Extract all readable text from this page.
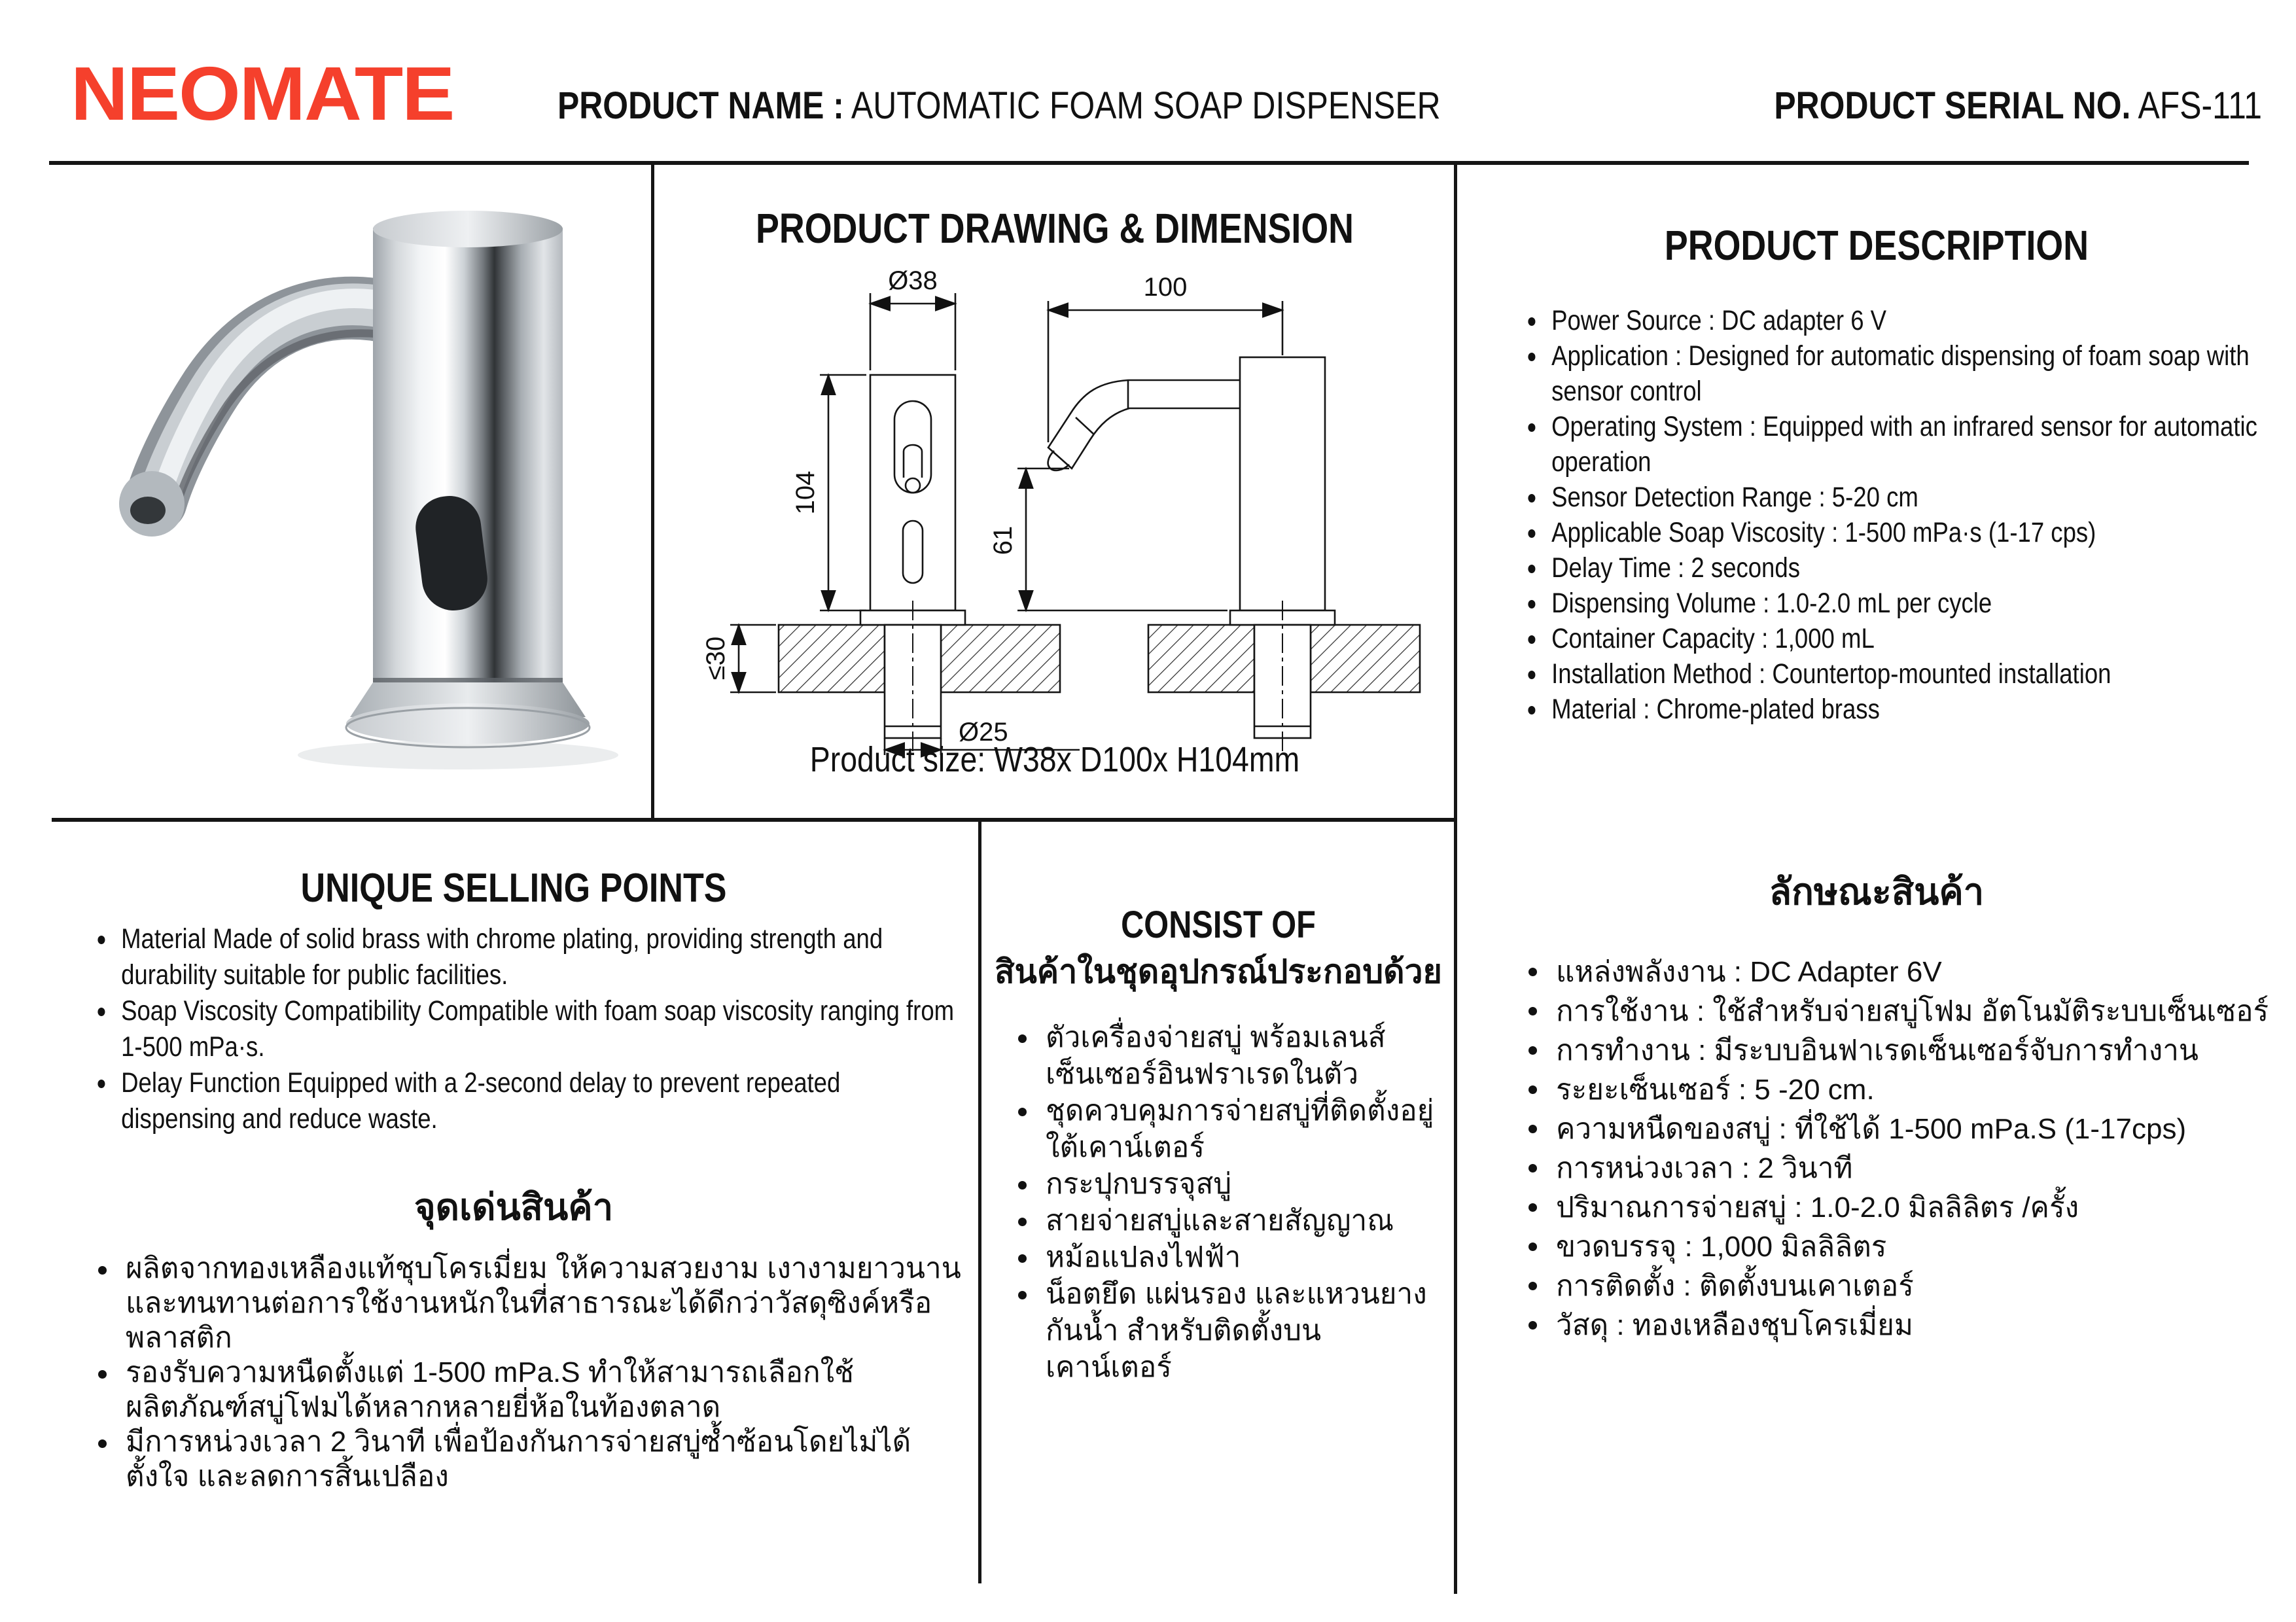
NEOMATE	PRODUCT NAME : AUTOMATIC FOAM SOAP DISPENSER	PRODUCT SERIAL NO. AFS-111
PRODUCT DRAWING & DIMENSION
Ø38
104
≤30
Ø25
100
61
Product size: W38x D100x H104mm
PRODUCT DESCRIPTION
Power Source : DC adapter 6 V
Application : Designed for automatic dispensing of foam soap with sensor control
Operating System : Equipped with an infrared sensor for automatic operation
Sensor Detection Range : 5-20 cm
Applicable Soap Viscosity : 1-500 mPa·s (1-17 cps)
Delay Time : 2 seconds
Dispensing Volume : 1.0-2.0 mL per cycle
Container Capacity : 1,000 mL
Installation Method : Countertop-mounted installation
Material : Chrome-plated brass
UNIQUE SELLING POINTS
Material Made of solid brass with chrome plating, providing strength and durability suitable for public facilities.
Soap Viscosity Compatibility Compatible with foam soap viscosity ranging from 1-500 mPa·s.
Delay Function Equipped with a 2-second delay to prevent repeated dispensing and reduce waste.
จุดเด่นสินค้า
ผลิตจากทองเหลืองแท้ชุบโครเมี่ยม ให้ความสวยงาม เงางามยาวนาน และทนทานต่อการใช้งานหนักในที่สาธารณะได้ดีกว่าวัสดุซิงค์หรือพลาสติก
รองรับความหนืดตั้งแต่ 1-500 mPa.S ทำให้สามารถเลือกใช้ผลิตภัณฑ์สบู่โฟมได้หลากหลายยี่ห้อในท้องตลาด
มีการหน่วงเวลา 2 วินาที เพื่อป้องกันการจ่ายสบู่ซ้ำซ้อนโดยไม่ได้ตั้งใจ และลดการสิ้นเปลือง
CONSIST OF
สินค้าในชุดอุปกรณ์ประกอบด้วย
ตัวเครื่องจ่ายสบู่ พร้อมเลนส์เซ็นเซอร์อินฟราเรดในตัว
ชุดควบคุมการจ่ายสบู่ที่ติดตั้งอยู่ใต้เคาน์เตอร์
กระปุกบรรจุสบู่
สายจ่ายสบู่และสายสัญญาณ
หม้อแปลงไฟฟ้า
น็อตยึด แผ่นรอง และแหวนยางกันน้ำ สำหรับติดตั้งบนเคาน์เตอร์
ลักษณะสินค้า
แหล่งพลังงาน : DC Adapter 6V
การใช้งาน : ใช้สำหรับจ่ายสบู่โฟม อัตโนมัติระบบเซ็นเซอร์
การทำงาน : มีระบบอินฟาเรดเซ็นเซอร์จับการทำงาน
ระยะเซ็นเซอร์ : 5 -20 cm.
ความหนืดของสบู่ : ที่ใช้ได้ 1-500 mPa.S (1-17cps)
การหน่วงเวลา : 2 วินาที
ปริมาณการจ่ายสบู่ : 1.0-2.0 มิลลิลิตร /ครั้ง
ขวดบรรจุ : 1,000 มิลลิลิตร
การติดตั้ง : ติดตั้งบนเคาเตอร์
วัสดุ : ทองเหลืองชุบโครเมี่ยม
